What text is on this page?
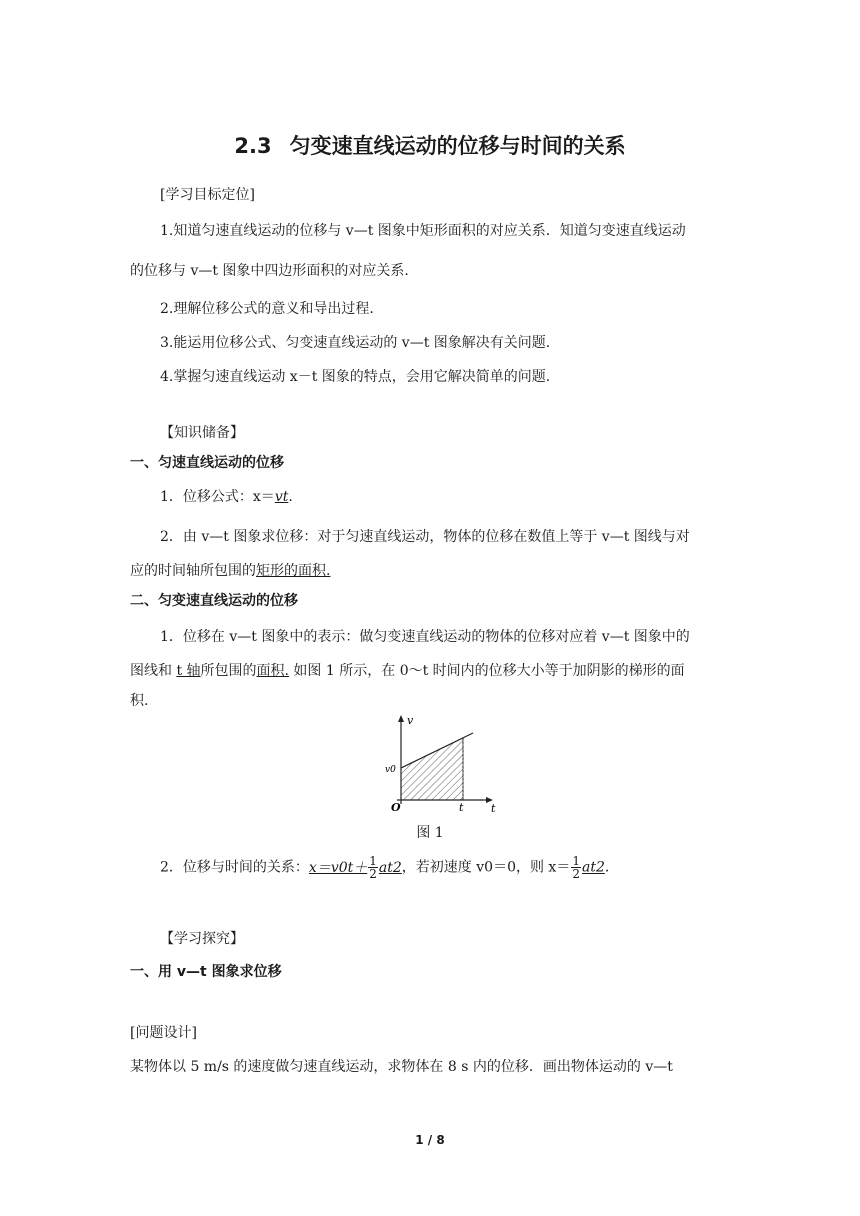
2.3 匀变速直线运动的位移与时间的关系
[学习目标定位]
1.知道匀速直线运动的位移与 v—t 图象中矩形面积的对应关系．知道匀变速直线运动
的位移与 v—t 图象中四边形面积的对应关系.
2.理解位移公式的意义和导出过程.
3.能运用位移公式、匀变速直线运动的 v—t 图象解决有关问题.
4.掌握匀速直线运动 x－t 图象的特点，会用它解决简单的问题.
【知识储备】
一、匀速直线运动的位移
1．位移公式：x＝vt.
2．由 v—t 图象求位移：对于匀速直线运动，物体的位移在数值上等于 v—t 图线与对
应的时间轴所包围的矩形的面积.
二、匀变速直线运动的位移
1．位移在 v—t 图象中的表示：做匀变速直线运动的物体的位移对应着 v—t 图象中的
图线和 t 轴所包围的面积. 如图 1 所示，在 0～t 时间内的位移大小等于加阴影的梯形的面
积.
v
t
O
v0
t
图 1
2．位移与时间的关系：$x=v0t+ \frac{1}{2} at2$，若初速度 v0＝0，则 $x= \frac{1}{2} at2$.
【学习探究】
一、用 v—t 图象求位移
[问题设计]
某物体以 5 m/s 的速度做匀速直线运动，求物体在 8 s 内的位移．画出物体运动的 v—t
1 / 8
